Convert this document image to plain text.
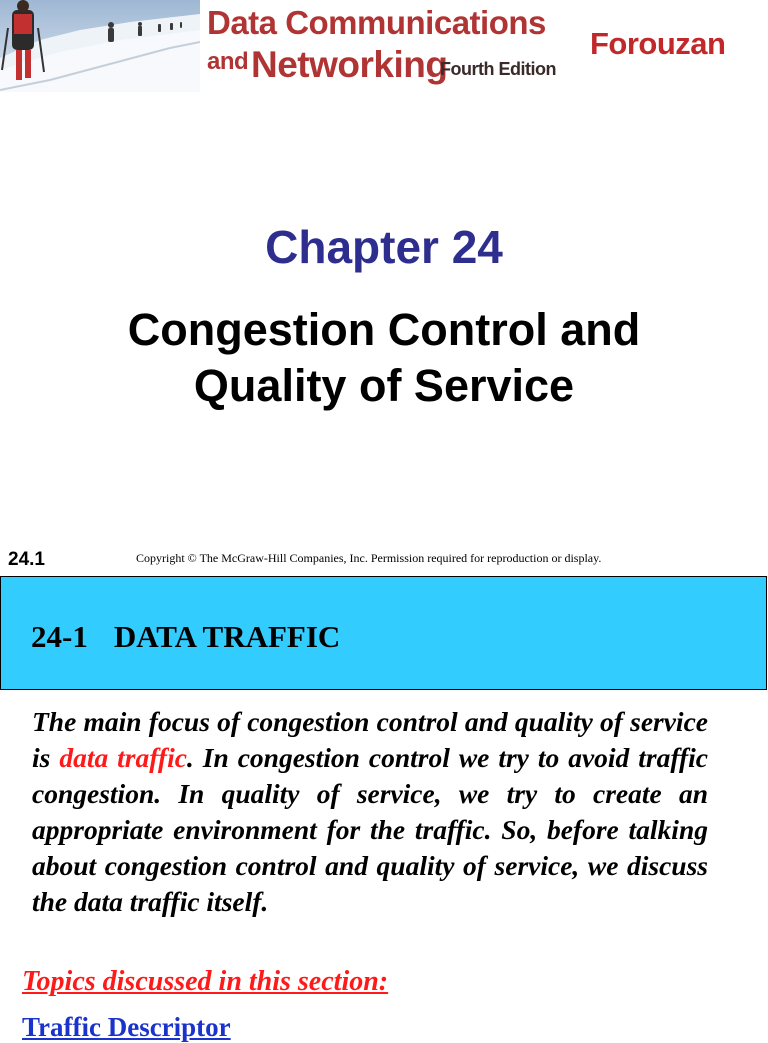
Data Communications
and Networking
Fourth Edition
Forouzan
Chapter 24
Congestion Control and
Quality of Service
24.1	Copyright © The McGraw-Hill Companies, Inc. Permission required for reproduction or display.
24-1 DATA TRAFFIC
The main focus of congestion control and quality of service is data traffic. In congestion control we try to avoid traffic congestion. In quality of service, we try to create an appropriate environment for the traffic. So, before talking about congestion control and quality of service, we discuss the data traffic itself.
Topics discussed in this section:
Traffic Descriptor
